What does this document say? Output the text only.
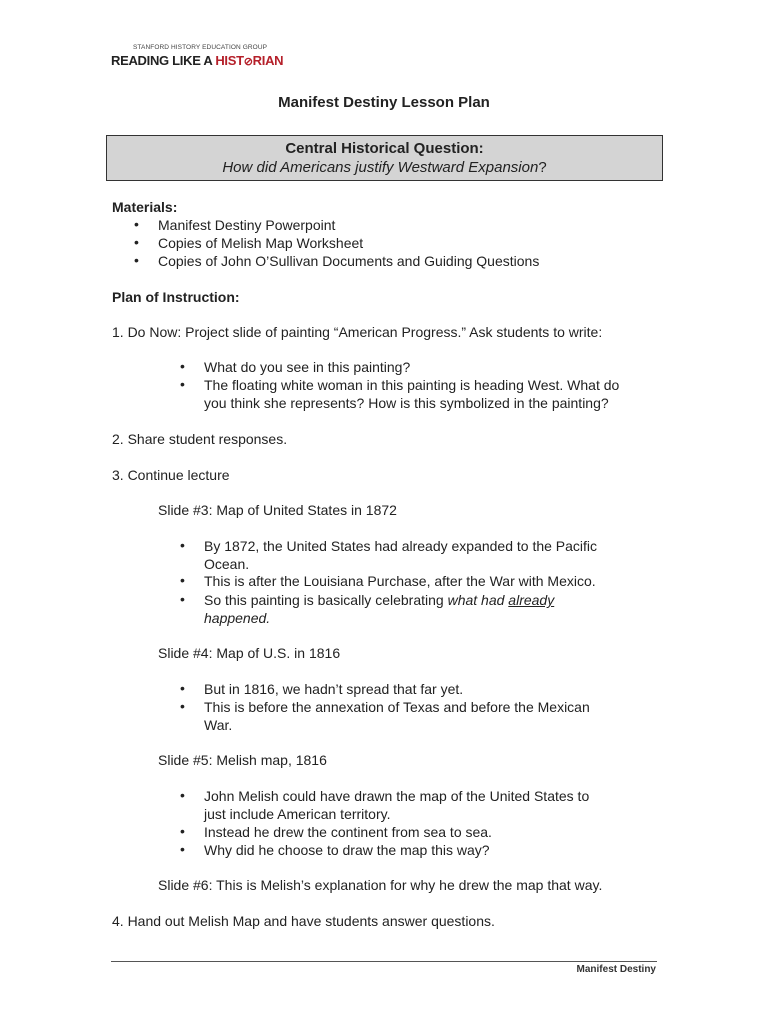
STANFORD HISTORY EDUCATION GROUP
READING LIKE A HIST⊘RIAN
Manifest Destiny Lesson Plan
Central Historical Question:
How did Americans justify Westward Expansion?
Materials:
• Manifest Destiny Powerpoint
• Copies of Melish Map Worksheet
• Copies of John O’Sullivan Documents and Guiding Questions
Plan of Instruction:
1. Do Now: Project slide of painting “American Progress.” Ask students to write:
• What do you see in this painting?
• The floating white woman in this painting is heading West. What do
you think she represents? How is this symbolized in the painting?
2. Share student responses.
3. Continue lecture
Slide #3: Map of United States in 1872
• By 1872, the United States had already expanded to the Pacific
Ocean.
• This is after the Louisiana Purchase, after the War with Mexico.
• So this painting is basically celebrating what had already
happened.
Slide #4: Map of U.S. in 1816
• But in 1816, we hadn’t spread that far yet.
• This is before the annexation of Texas and before the Mexican
War.
Slide #5: Melish map, 1816
• John Melish could have drawn the map of the United States to
just include American territory.
• Instead he drew the continent from sea to sea.
• Why did he choose to draw the map this way?
Slide #6: This is Melish’s explanation for why he drew the map that way.
4. Hand out Melish Map and have students answer questions.
Manifest Destiny
